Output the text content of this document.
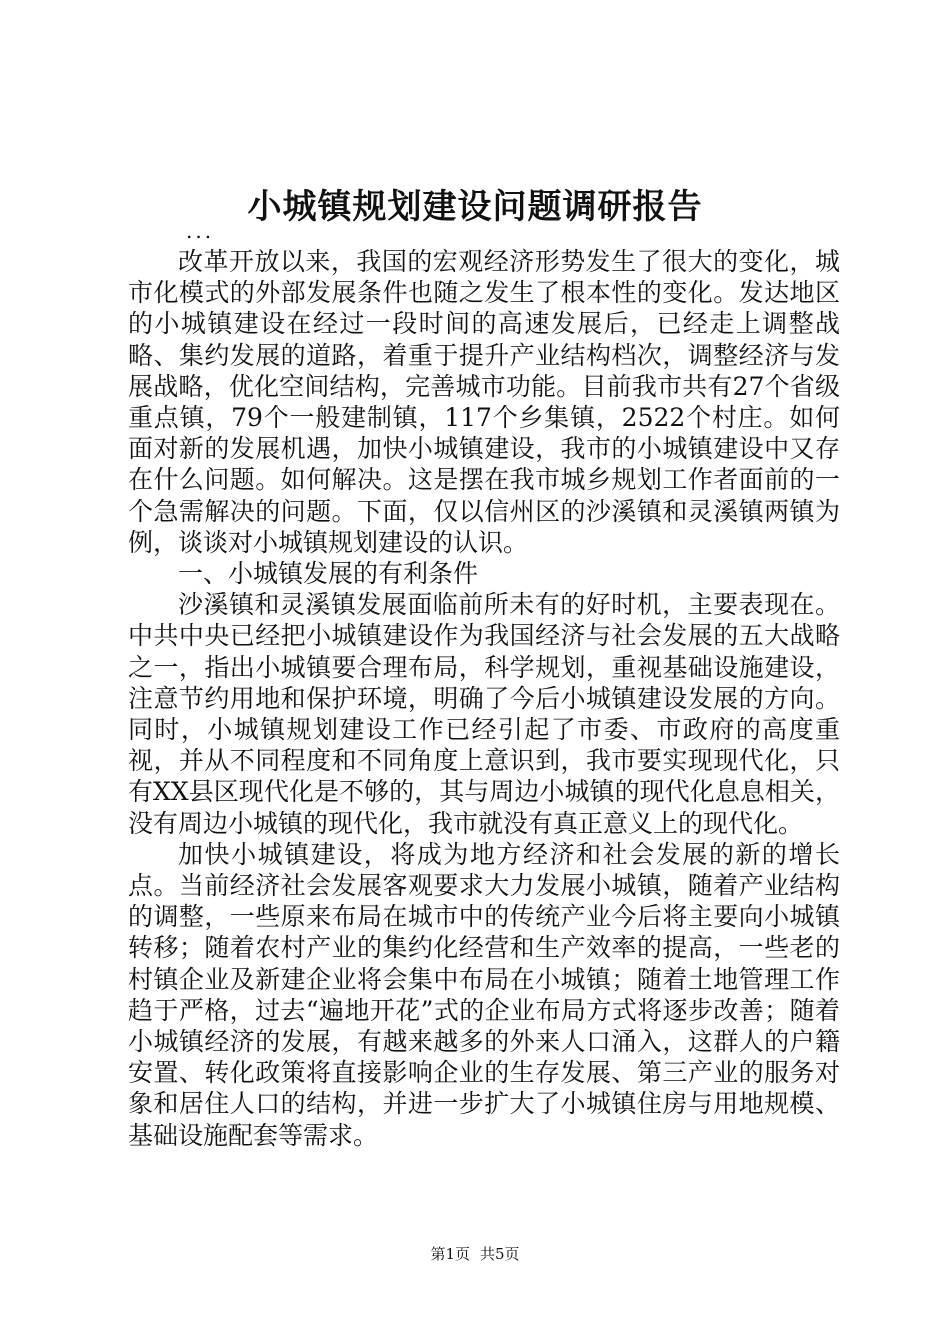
小城镇规划建设问题调研报告
...

改革开放以来，我国的宏观经济形势发生了很大的变化，城市化模式的外部发展条件也随之发生了根本性的变化。发达地区的小城镇建设在经过一段时间的高速发展后，已经走上调整战略、集约发展的道路，着重于提升产业结构档次，调整经济与发展战略，优化空间结构，完善城市功能。目前我市共有27个省级重点镇，79个一般建制镇，117个乡集镇，2522个村庄。如何面对新的发展机遇，加快小城镇建设，我市的小城镇建设中又存在什么问题。如何解决。这是摆在我市城乡规划工作者面前的一个急需解决的问题。下面，仅以信州区的沙溪镇和灵溪镇两镇为例，谈谈对小城镇规划建设的认识。

一、小城镇发展的有利条件

沙溪镇和灵溪镇发展面临前所未有的好时机，主要表现在。中共中央已经把小城镇建设作为我国经济与社会发展的五大战略之一，指出小城镇要合理布局，科学规划，重视基础设施建设，注意节约用地和保护环境，明确了今后小城镇建设发展的方向。同时，小城镇规划建设工作已经引起了市委、市政府的高度重视，并从不同程度和不同角度上意识到，我市要实现现代化，只有XX县区现代化是不够的，其与周边小城镇的现代化息息相关，没有周边小城镇的现代化，我市就没有真正意义上的现代化。

加快小城镇建设，将成为地方经济和社会发展的新的增长点。当前经济社会发展客观要求大力发展小城镇，随着产业结构的调整，一些原来布局在城市中的传统产业今后将主要向小城镇转移；随着农村产业的集约化经营和生产效率的提高，一些老的村镇企业及新建企业将会集中布局在小城镇；随着土地管理工作趋于严格，过去“遍地开花”式的企业布局方式将逐步改善；随着小城镇经济的发展，有越来越多的外来人口涌入，这群人的户籍安置、转化政策将直接影响企业的生存发展、第三产业的服务对象和居住人口的结构，并进一步扩大了小城镇住房与用地规模、基础设施配套等需求。

第1页 共5页
